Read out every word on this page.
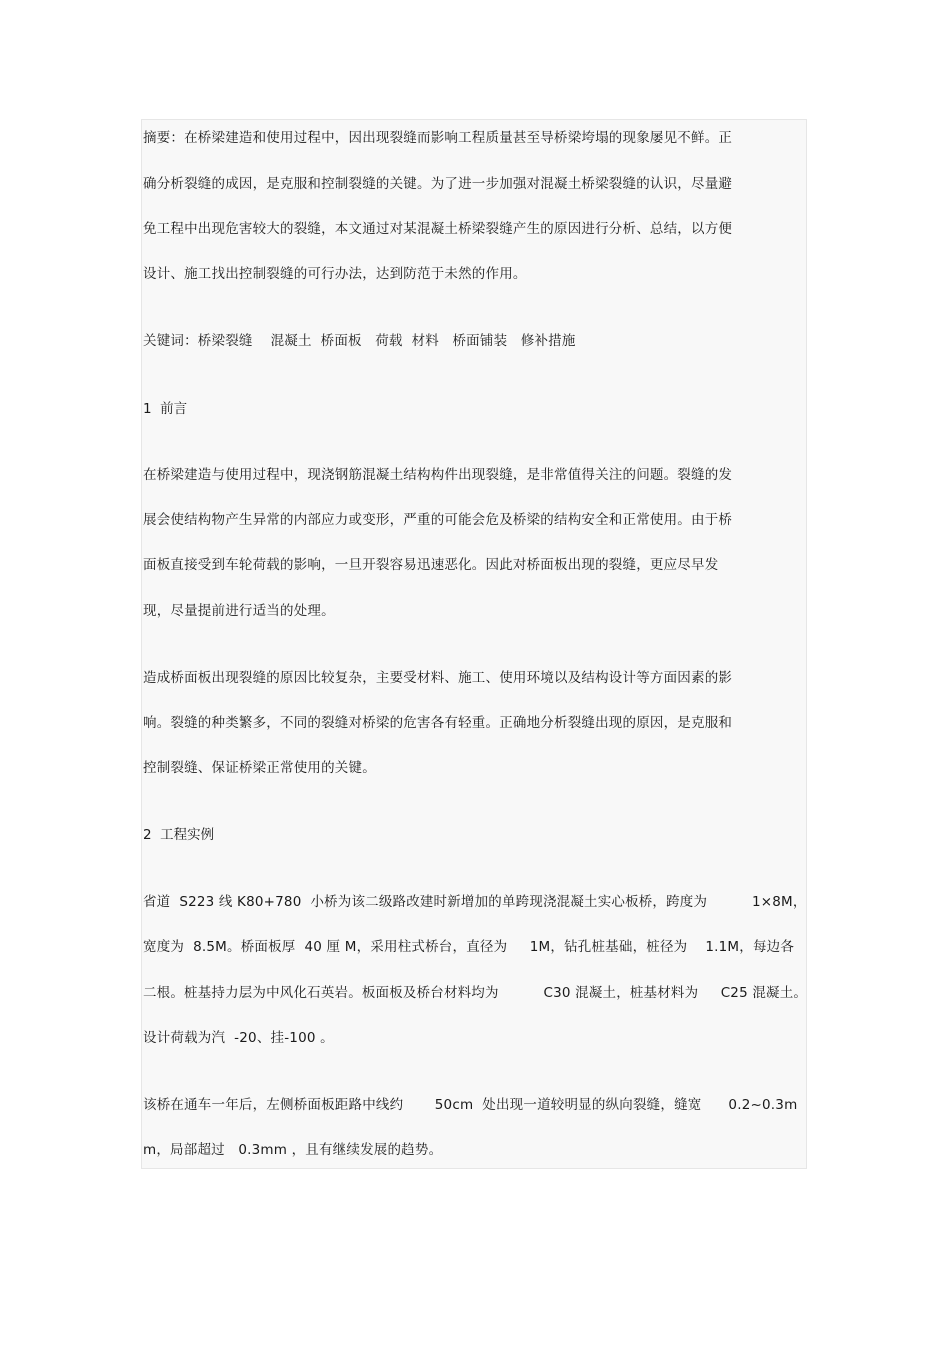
摘要：在桥梁建造和使用过程中，因出现裂缝而影响工程质量甚至导桥梁垮塌的现象屡见不鲜。正
确分析裂缝的成因，是克服和控制裂缝的关键。为了进一步加强对混凝土桥梁裂缝的认识，尽量避
免工程中出现危害较大的裂缝，本文通过对某混凝土桥梁裂缝产生的原因进行分析、总结，以方便
设计、施工找出控制裂缝的可行办法，达到防范于未然的作用。
关键词：桥梁裂缝    混凝土  桥面板   荷载  材料   桥面铺装   修补措施
1  前言
在桥梁建造与使用过程中，现浇钢筋混凝土结构构件出现裂缝，是非常值得关注的问题。裂缝的发
展会使结构物产生异常的内部应力或变形，严重的可能会危及桥梁的结构安全和正常使用。由于桥
面板直接受到车轮荷载的影响，一旦开裂容易迅速恶化。因此对桥面板出现的裂缝，更应尽早发
现，尽量提前进行适当的处理。
造成桥面板出现裂缝的原因比较复杂，主要受材料、施工、使用环境以及结构设计等方面因素的影
响。裂缝的种类繁多，不同的裂缝对桥梁的危害各有轻重。正确地分析裂缝出现的原因，是克服和
控制裂缝、保证桥梁正常使用的关键。
2  工程实例
省道  S223 线 K80+780  小桥为该二级路改建时新增加的单跨现浇混凝土实心板桥，跨度为          1×8M，
宽度为  8.5M。桥面板厚  40 厘 M，采用柱式桥台，直径为     1M，钻孔桩基础，桩径为    1.1M，每边各
二根。桩基持力层为中风化石英岩。板面板及桥台材料均为          C30 混凝土，桩基材料为     C25 混凝土。
设计荷载为汽  -20、挂-100 。
该桥在通车一年后，左侧桥面板距路中线约       50cm  处出现一道较明显的纵向裂缝，缝宽      0.2~0.3m
m，局部超过   0.3mm ，且有继续发展的趋势。
